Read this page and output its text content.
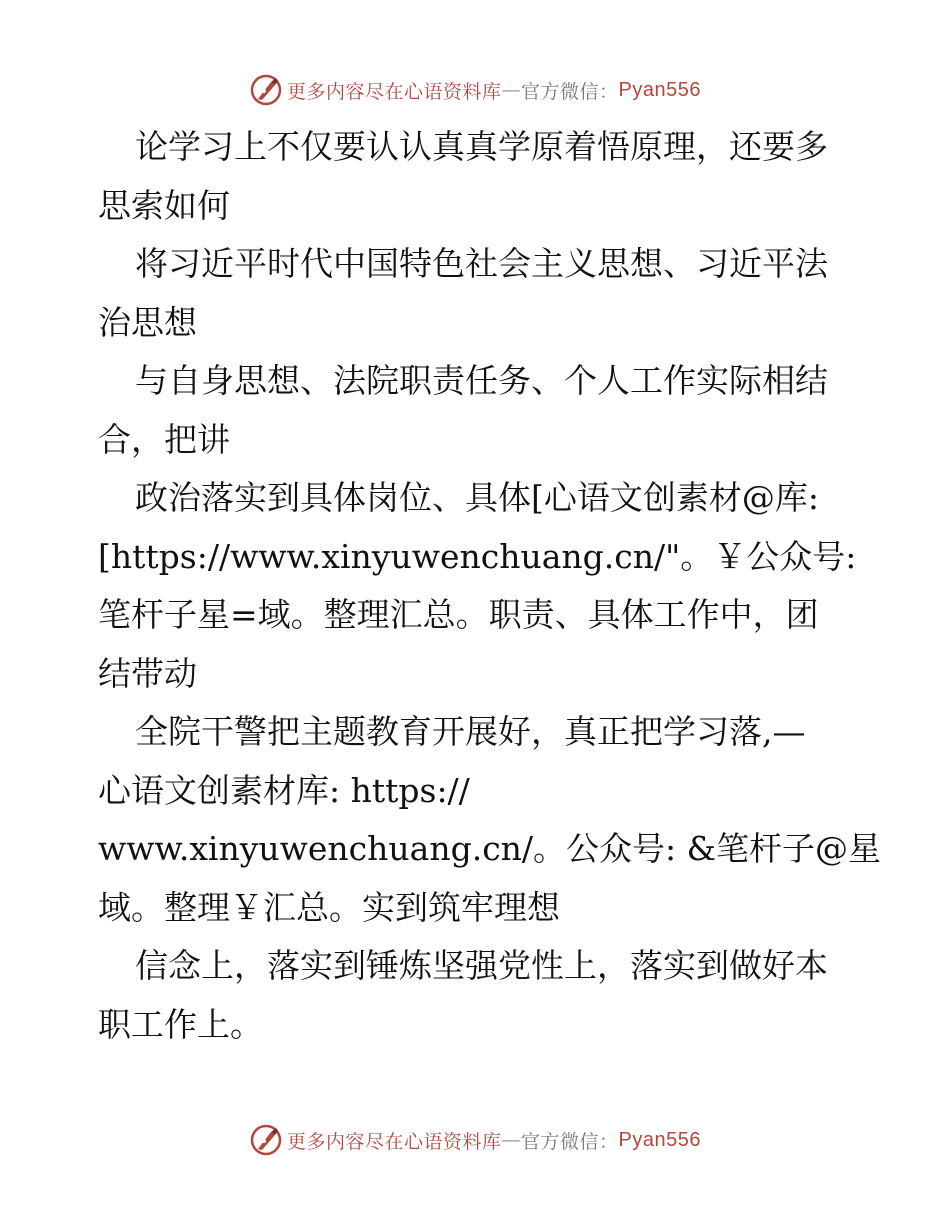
更多内容尽在心语资料库 — 官方微信： Pyan556
论学习上不仅要认认真真学原着悟原理，还要多
思索如何
将习近平时代中国特色社会主义思想、习近平法
治思想
与自身思想、法院职责任务、个人工作实际相结
合，把讲
政治落实到具体岗位、具体[心语文创素材@库:
[https://www.xinyuwenchuang.cn/"。￥公众号:
笔杆子星=域。整理汇总。职责、具体工作中，团
结带动
全院干警把主题教育开展好，真正把学习落,—
心语文创素材库: https://
www.xinyuwenchuang.cn/。公众号: &笔杆子@星
域。整理￥汇总。实到筑牢理想
信念上，落实到锤炼坚强党性上，落实到做好本
职工作上。
更多内容尽在心语资料库 — 官方微信： Pyan556
